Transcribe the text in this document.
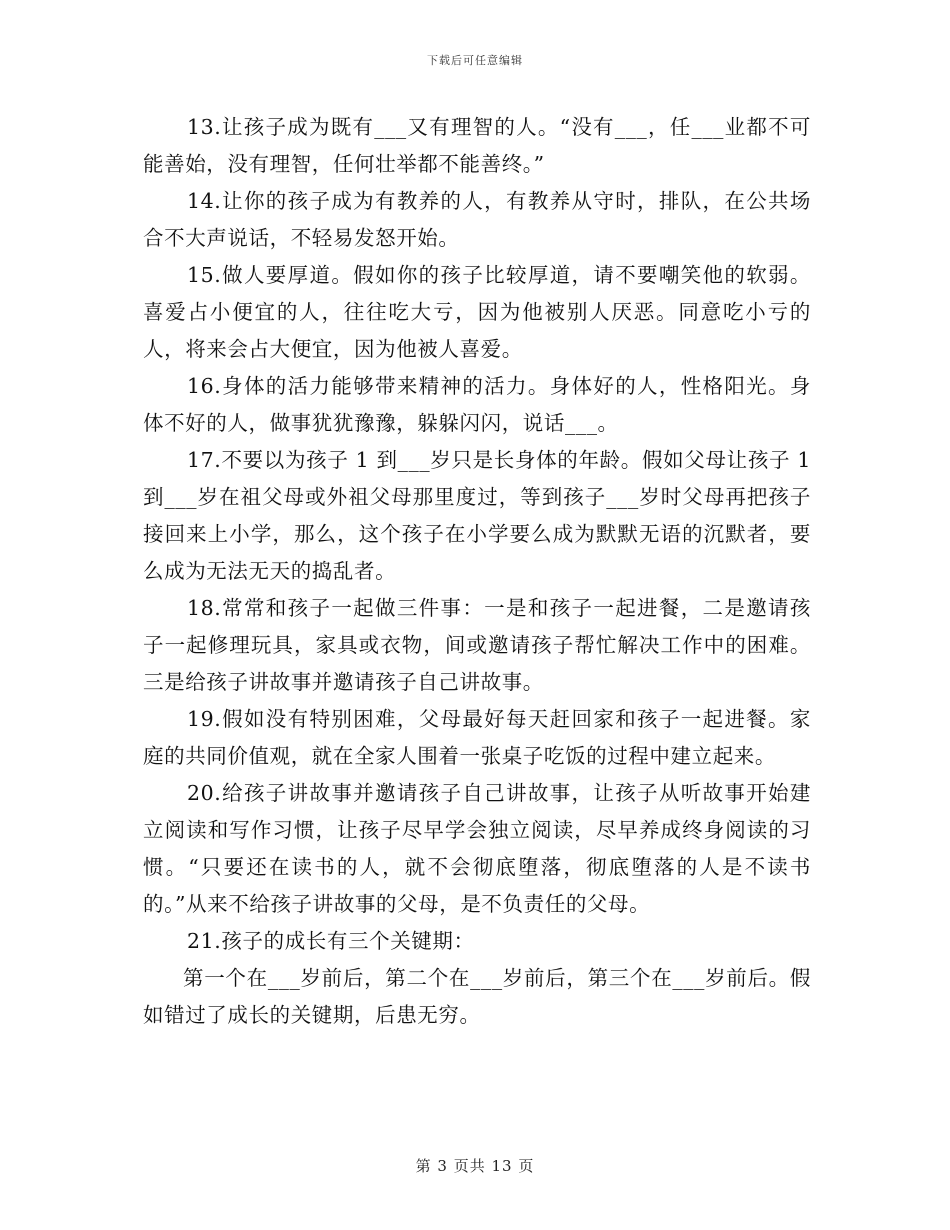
下载后可任意编辑

13.让孩子成为既有___又有理智的人。“没有___，任___业都不可能善始，没有理智，任何壮举都不能善终。”

14.让你的孩子成为有教养的人，有教养从守时，排队，在公共场合不大声说话，不轻易发怒开始。

15.做人要厚道。假如你的孩子比较厚道，请不要嘲笑他的软弱。喜爱占小便宜的人，往往吃大亏，因为他被别人厌恶。同意吃小亏的人，将来会占大便宜，因为他被人喜爱。

16.身体的活力能够带来精神的活力。身体好的人，性格阳光。身体不好的人，做事犹犹豫豫，躲躲闪闪，说话___。

17.不要以为孩子 1 到___岁只是长身体的年龄。假如父母让孩子 1 到___岁在祖父母或外祖父母那里度过，等到孩子___岁时父母再把孩子接回来上小学，那么，这个孩子在小学要么成为默默无语的沉默者，要么成为无法无天的捣乱者。

18.常常和孩子一起做三件事：一是和孩子一起进餐，二是邀请孩子一起修理玩具，家具或衣物，间或邀请孩子帮忙解决工作中的困难。三是给孩子讲故事并邀请孩子自己讲故事。

19.假如没有特别困难，父母最好每天赶回家和孩子一起进餐。家庭的共同价值观，就在全家人围着一张桌子吃饭的过程中建立起来。

20.给孩子讲故事并邀请孩子自己讲故事，让孩子从听故事开始建立阅读和写作习惯，让孩子尽早学会独立阅读，尽早养成终身阅读的习惯。“只要还在读书的人，就不会彻底堕落，彻底堕落的人是不读书的。”从来不给孩子讲故事的父母，是不负责任的父母。

21.孩子的成长有三个关键期：

第一个在___岁前后，第二个在___岁前后，第三个在___岁前后。假如错过了成长的关键期，后患无穷。

第 3 页共 13 页
